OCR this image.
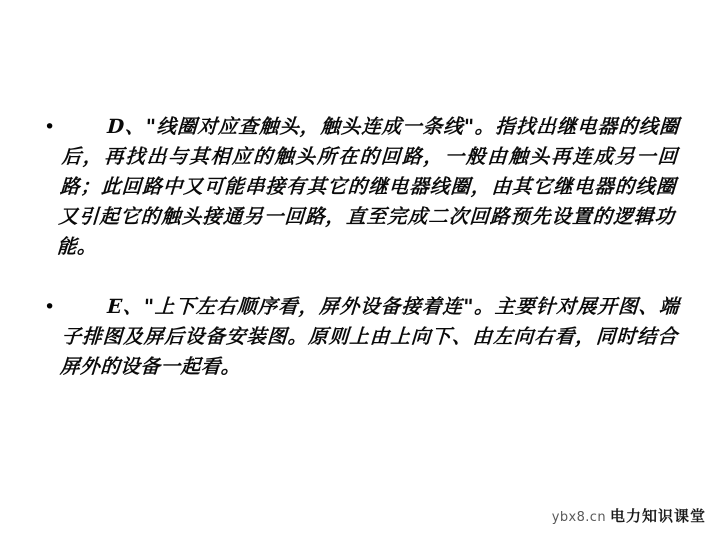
•	D、"线圈对应查触头，触头连成一条线"。指找出继电器的线圈后，再找出与其相应的触头所在的回路，一般由触头再连成另一回路；此回路中又可能串接有其它的继电器线圈，由其它继电器的线圈又引起它的触头接通另一回路，直至完成二次回路预先设置的逻辑功能。
•	E、"上下左右顺序看，屏外设备接着连"。主要针对展开图、端子排图及屏后设备安装图。原则上由上向下、由左向右看，同时结合屏外的设备一起看。
ybx8.cn 电力知识课堂
